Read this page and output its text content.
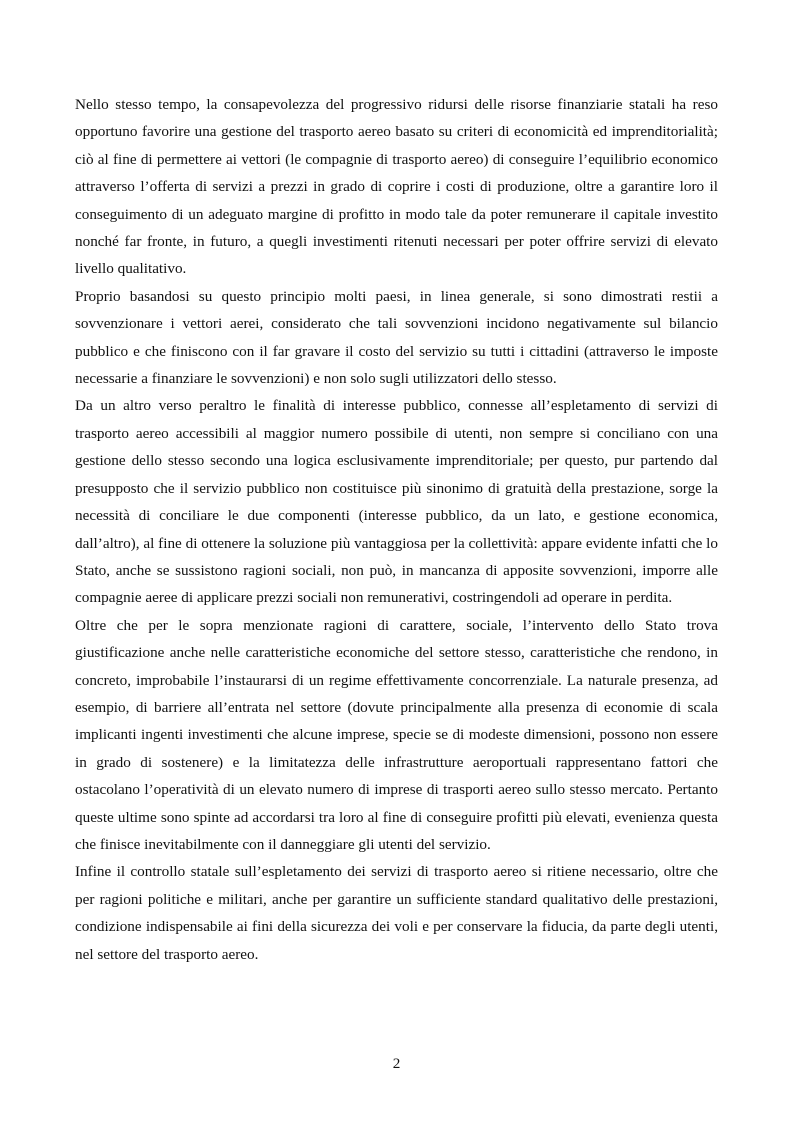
Nello stesso tempo, la consapevolezza del progressivo ridursi delle risorse finanziarie statali ha reso opportuno favorire una gestione del trasporto aereo basato su criteri di economicità ed imprenditorialità; ciò al fine di permettere ai vettori (le compagnie di trasporto aereo) di conseguire l’equilibrio economico attraverso l’offerta di servizi a prezzi in grado di coprire i costi di produzione, oltre a garantire loro il conseguimento di un adeguato margine di profitto in modo tale da poter remunerare il capitale investito nonché far fronte, in futuro, a quegli investimenti ritenuti necessari per poter offrire servizi di elevato livello qualitativo.

Proprio basandosi su questo principio molti paesi, in linea generale, si sono dimostrati restii a sovvenzionare i vettori aerei, considerato che tali sovvenzioni incidono negativamente sul bilancio pubblico e che finiscono con il far gravare il costo del servizio su tutti i cittadini (attraverso le imposte necessarie a finanziare le sovvenzioni) e non solo sugli utilizzatori dello stesso.

Da un altro verso peraltro le finalità di interesse pubblico, connesse all’espletamento di servizi di trasporto aereo accessibili al maggior numero possibile di utenti, non sempre si conciliano con una gestione dello stesso secondo una logica esclusivamente imprenditoriale; per questo, pur partendo dal presupposto che il servizio pubblico non costituisce più sinonimo di gratuità della prestazione, sorge la necessità di conciliare le due componenti (interesse pubblico, da un lato, e gestione economica, dall’altro), al fine di ottenere la soluzione più vantaggiosa per la collettività: appare evidente infatti che lo Stato, anche se sussistono ragioni sociali, non può, in mancanza di apposite sovvenzioni, imporre alle compagnie aeree di applicare prezzi sociali non remunerativi, costringendoli ad operare in perdita.

Oltre che per le sopra menzionate ragioni di carattere, sociale, l’intervento dello Stato trova giustificazione anche nelle caratteristiche economiche del settore stesso, caratteristiche che rendono, in concreto, improbabile l’instaurarsi di un regime effettivamente concorrenziale. La naturale presenza, ad esempio, di barriere all’entrata nel settore (dovute principalmente alla presenza di economie di scala implicanti ingenti investimenti che alcune imprese, specie se di modeste dimensioni, possono non essere in grado di sostenere) e la limitatezza delle infrastrutture aeroportuali rappresentano fattori che ostacolano l’operatività di un elevato numero di imprese di trasporti aereo sullo stesso mercato. Pertanto queste ultime sono spinte ad accordarsi tra loro al fine di conseguire profitti più elevati, evenienza questa che finisce inevitabilmente con il danneggiare gli utenti del servizio.

Infine il controllo statale sull’espletamento dei servizi di trasporto aereo si ritiene necessario, oltre che per ragioni politiche e militari, anche per garantire un sufficiente standard qualitativo delle prestazioni, condizione indispensabile ai fini della sicurezza dei voli e per conservare la fiducia, da parte degli utenti, nel settore del trasporto aereo.

2
